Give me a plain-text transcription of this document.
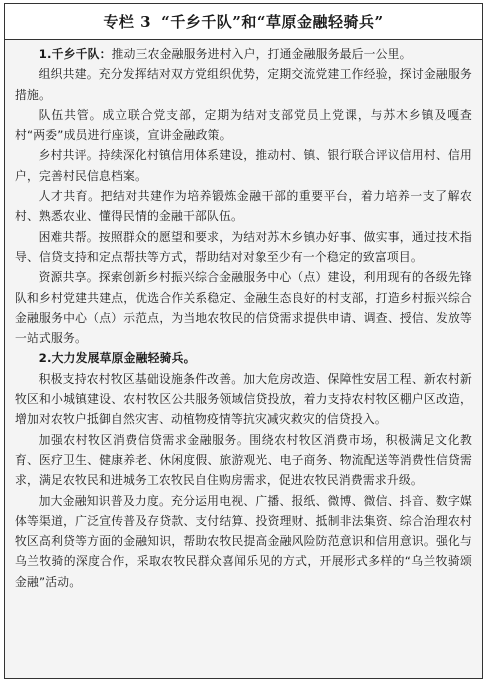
专栏 3 “千乡千队”和“草原金融轻骑兵”

1.千乡千队：推动三农金融服务进村入户，打通金融服务最后一公里。

组织共建。充分发挥结对双方党组织优势，定期交流党建工作经验，探讨金融服务措施。

队伍共管。成立联合党支部，定期为结对支部党员上党课，与苏木乡镇及嘎查村“两委”成员进行座谈，宣讲金融政策。

乡村共评。持续深化村镇信用体系建设，推动村、镇、银行联合评议信用村、信用户，完善村民信息档案。

人才共育。把结对共建作为培养锻炼金融干部的重要平台，着力培养一支了解农村、熟悉农业、懂得民情的金融干部队伍。

困难共帮。按照群众的愿望和要求，为结对苏木乡镇办好事、做实事，通过技术指导、信贷支持和定点帮扶等方式，帮助结对对象至少有一个稳定的致富项目。

资源共享。探索创新乡村振兴综合金融服务中心（点）建设，利用现有的各级先锋队和乡村党建共建点，优选合作关系稳定、金融生态良好的村支部，打造乡村振兴综合金融服务中心（点）示范点，为当地农牧民的信贷需求提供申请、调查、授信、发放等一站式服务。

2.大力发展草原金融轻骑兵。

积极支持农村牧区基础设施条件改善。加大危房改造、保障性安居工程、新农村新牧区和小城镇建设、农村牧区公共服务领域信贷投放，着力支持农村牧区棚户区改造，增加对农牧户抵御自然灾害、动植物疫情等抗灾减灾救灾的信贷投入。

加强农村牧区消费信贷需求金融服务。围绕农村牧区消费市场，积极满足文化教育、医疗卫生、健康养老、休闲度假、旅游观光、电子商务、物流配送等消费性信贷需求，满足农牧民和进城务工农牧民自住购房需求，促进农牧民消费需求升级。

加大金融知识普及力度。充分运用电视、广播、报纸、微博、微信、抖音、数字媒体等渠道，广泛宣传普及存贷款、支付结算、投资理财、抵制非法集资、综合治理农村牧区高利贷等方面的金融知识，帮助农牧民提高金融风险防范意识和信用意识。强化与乌兰牧骑的深度合作，采取农牧民群众喜闻乐见的方式，开展形式多样的“乌兰牧骑颂金融”活动。
